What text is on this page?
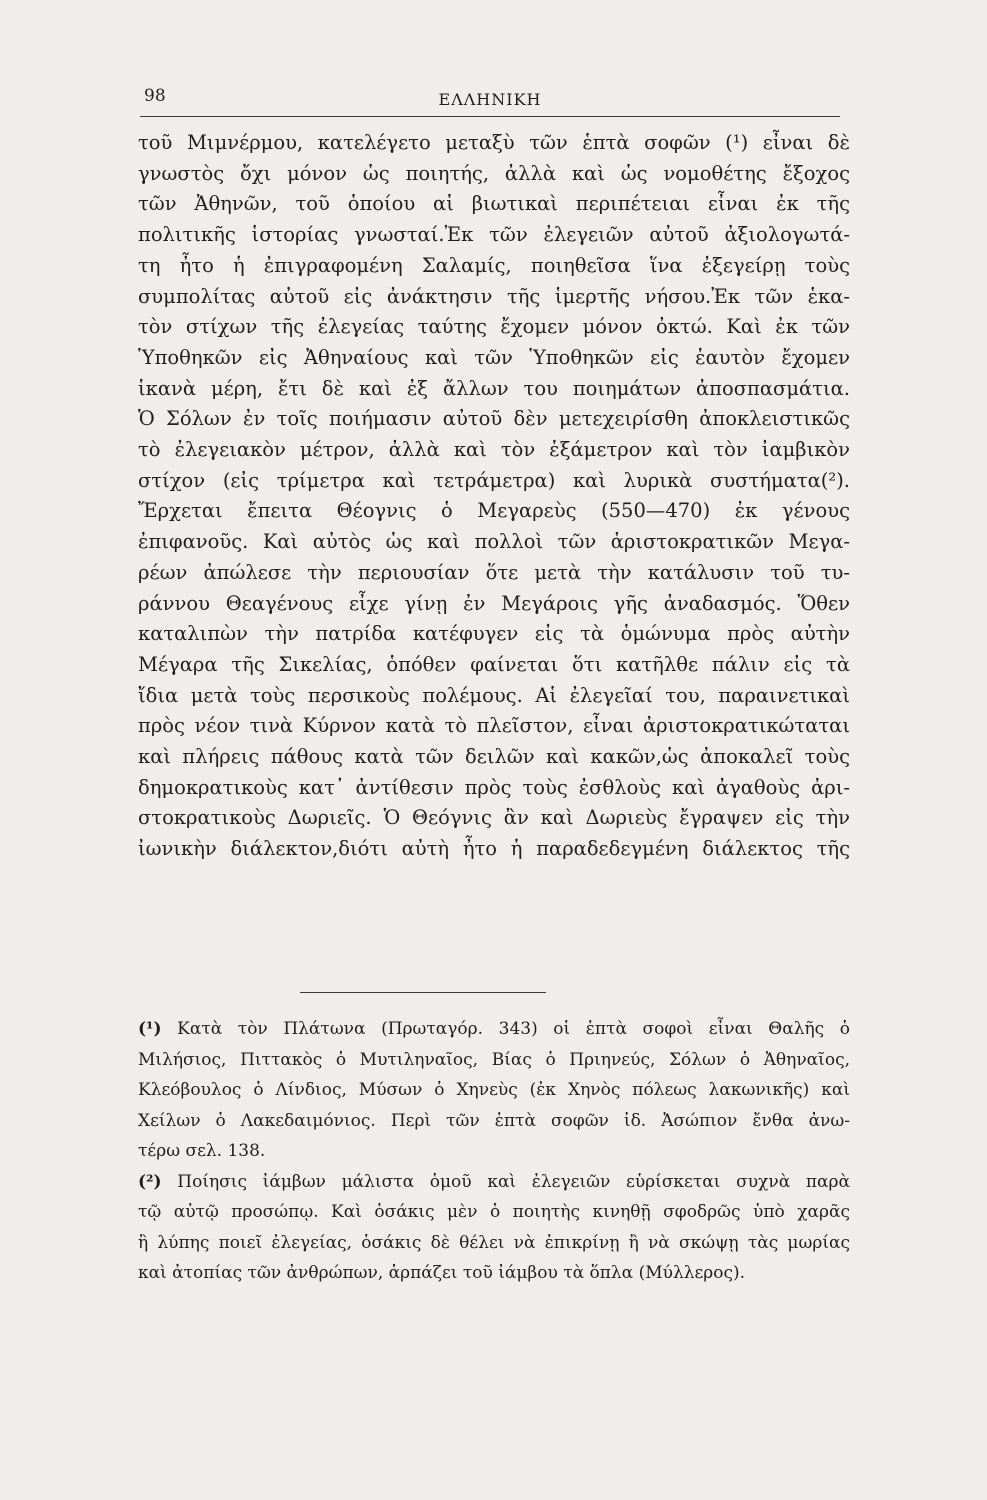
98	ΕΛΛΗΝΙΚΗ
τοῦ Μιμνέρμου, κατελέγετο μεταξὺ τῶν ἑπτὰ σοφῶν (¹) εἶναι δὲ
γνωστὸς ὄχι μόνον ὡς ποιητής, ἀλλὰ καὶ ὡς νομοθέτης ἔξοχος
τῶν Ἀθηνῶν, τοῦ ὁποίου αἱ βιωτικαὶ περιπέτειαι εἶναι ἐκ τῆς
πολιτικῆς ἱστορίας γνωσταί.Ἐκ τῶν ἐλεγειῶν αὐτοῦ ἀξιολογωτά-
τη ἦτο ἡ ἐπιγραφομένη Σαλαμίς, ποιηθεῖσα ἵνα ἐξεγείρῃ τοὺς
συμπολίτας αὐτοῦ εἰς ἀνάκτησιν τῆς ἱμερτῆς νήσου.Ἐκ τῶν ἑκα-
τὸν στίχων τῆς ἐλεγείας ταύτης ἔχομεν μόνον ὀκτώ. Καὶ ἐκ τῶν
Ὑποθηκῶν εἰς Ἀθηναίους καὶ τῶν Ὑποθηκῶν εἰς ἑαυτὸν ἔχομεν
ἱκανὰ μέρη, ἔτι δὲ καὶ ἐξ ἄλλων του ποιημάτων ἀποσπασμάτια.
Ὁ Σόλων ἐν τοῖς ποιήμασιν αὐτοῦ δὲν μετεχειρίσθη ἀποκλειστικῶς
τὸ ἐλεγειακὸν μέτρον, ἀλλὰ καὶ τὸν ἑξάμετρον καὶ τὸν ἰαμβικὸν
στίχον (εἰς τρίμετρα καὶ τετράμετρα) καὶ λυρικὰ συστήματα(²).
Ἔρχεται ἔπειτα Θέογνις ὁ Μεγαρεὺς (550—470) ἐκ γένους
ἐπιφανοῦς. Καὶ αὐτὸς ὡς καὶ πολλοὶ τῶν ἀριστοκρατικῶν Μεγα-
ρέων ἀπώλεσε τὴν περιουσίαν ὅτε μετὰ τὴν κατάλυσιν τοῦ τυ-
ράννου Θεαγένους εἶχε γίνῃ ἐν Μεγάροις γῆς ἀναδασμός. Ὅθεν
καταλιπὼν τὴν πατρίδα κατέφυγεν εἰς τὰ ὁμώνυμα πρὸς αὐτὴν
Μέγαρα τῆς Σικελίας, ὁπόθεν φαίνεται ὅτι κατῆλθε πάλιν εἰς τὰ
ἴδια μετὰ τοὺς περσικοὺς πολέμους. Αἱ ἐλεγεῖαί του, παραινετικαὶ
πρὸς νέον τινὰ Κύρνον κατὰ τὸ πλεῖστον, εἶναι ἀριστοκρατικώταται
καὶ πλήρεις πάθους κατὰ τῶν δειλῶν καὶ κακῶν,ὡς ἀποκαλεῖ τοὺς
δημοκρατικοὺς κατ᾽ ἀντίθεσιν πρὸς τοὺς ἐσθλοὺς καὶ ἀγαθοὺς ἀρι-
στοκρατικοὺς Δωριεῖς. Ὁ Θεόγνις ἂν καὶ Δωριεὺς ἔγραψεν εἰς τὴν
ἰωνικὴν διάλεκτον,διότι αὐτὴ ἦτο ἡ παραδεδεγμένη διάλεκτος τῆς
(¹) Κατὰ τὸν Πλάτωνα (Πρωταγόρ. 343) οἱ ἑπτὰ σοφοὶ εἶναι Θαλῆς ὁ
Μιλήσιος, Πιττακὸς ὁ Μυτιληναῖος, Βίας ὁ Πριηνεύς, Σόλων ὁ Ἀθηναῖος,
Κλεόβουλος ὁ Λίνδιος, Μύσων ὁ Χηνεὺς (ἐκ Χηνὸς πόλεως λακωνικῆς) καὶ
Χείλων ὁ Λακεδαιμόνιος. Περὶ τῶν ἑπτὰ σοφῶν ἰδ. Ἀσώπιον ἔνθα ἀνω-
τέρω σελ. 138.
(²) Ποίησις ἰάμβων μάλιστα ὁμοῦ καὶ ἐλεγειῶν εὑρίσκεται συχνὰ παρὰ
τῷ αὐτῷ προσώπῳ. Καὶ ὁσάκις μὲν ὁ ποιητὴς κινηθῇ σφοδρῶς ὑπὸ χαρᾶς
ἢ λύπης ποιεῖ ἐλεγείας, ὁσάκις δὲ θέλει νὰ ἐπικρίνῃ ἢ νὰ σκώψῃ τὰς μωρίας
καὶ ἀτοπίας τῶν ἀνθρώπων, ἁρπάζει τοῦ ἰάμβου τὰ ὅπλα (Μύλλερος).
